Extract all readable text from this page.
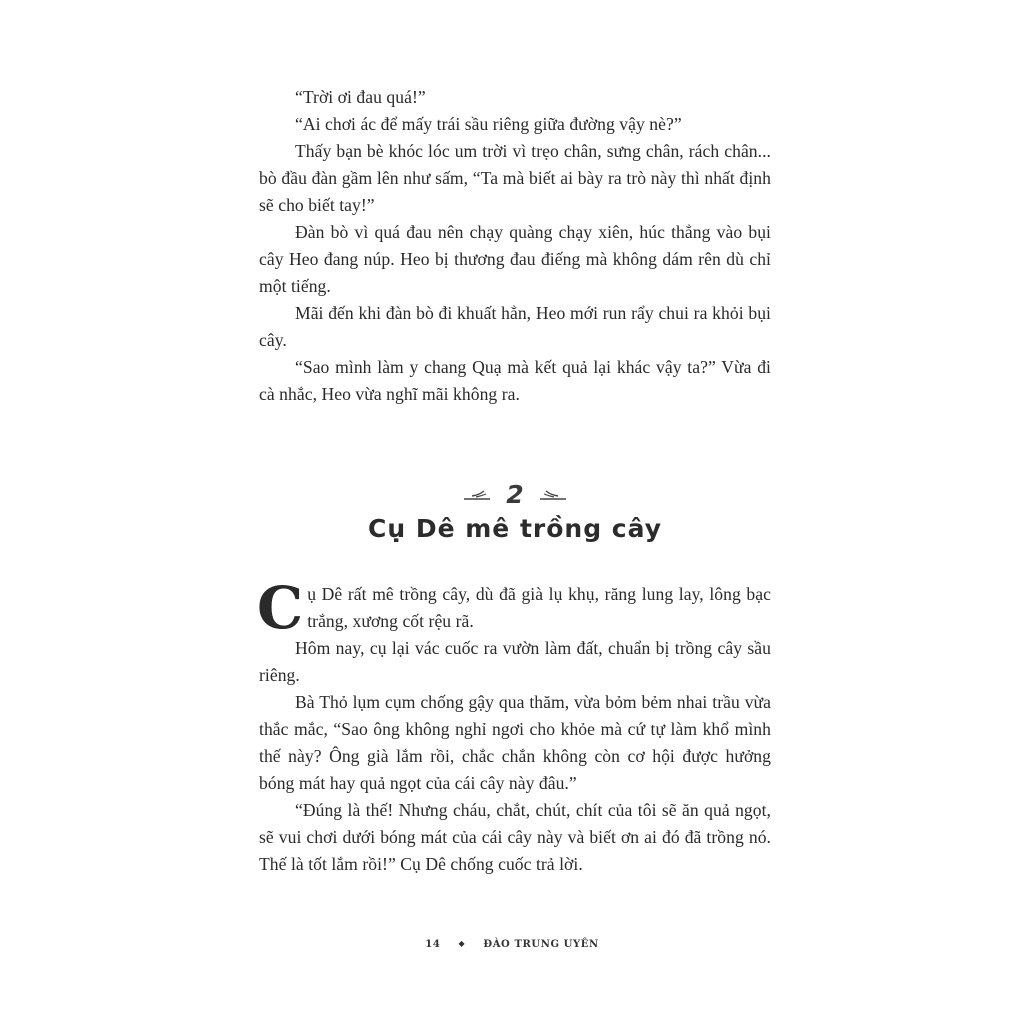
“Trời ơi đau quá!”

“Ai chơi ác để mấy trái sầu riêng giữa đường vậy nè?”

Thấy bạn bè khóc lóc um trời vì trẹo chân, sưng chân, rách chân... bò đầu đàn gầm lên như sấm, “Ta mà biết ai bày ra trò này thì nhất định sẽ cho biết tay!”

Đàn bò vì quá đau nên chạy quàng chạy xiên, húc thẳng vào bụi cây Heo đang núp. Heo bị thương đau điếng mà không dám rên dù chỉ một tiếng.

Mãi đến khi đàn bò đi khuất hẳn, Heo mới run rẩy chui ra khỏi bụi cây.

“Sao mình làm y chang Quạ mà kết quả lại khác vậy ta?” Vừa đi cà nhắc, Heo vừa nghĩ mãi không ra.

2
Cụ Dê mê trồng cây

Cụ Dê rất mê trồng cây, dù đã già lụ khụ, răng lung lay, lông bạc trắng, xương cốt rệu rã.

Hôm nay, cụ lại vác cuốc ra vườn làm đất, chuẩn bị trồng cây sầu riêng.

Bà Thỏ lụm cụm chống gậy qua thăm, vừa bỏm bẻm nhai trầu vừa thắc mắc, “Sao ông không nghỉ ngơi cho khỏe mà cứ tự làm khổ mình thế này? Ông già lắm rồi, chắc chắn không còn cơ hội được hưởng bóng mát hay quả ngọt của cái cây này đâu.”

“Đúng là thế! Nhưng cháu, chắt, chút, chít của tôi sẽ ăn quả ngọt, sẽ vui chơi dưới bóng mát của cái cây này và biết ơn ai đó đã trồng nó. Thế là tốt lắm rồi!” Cụ Dê chống cuốc trả lời.

14 ◆ ĐÀO TRUNG UYÊN
